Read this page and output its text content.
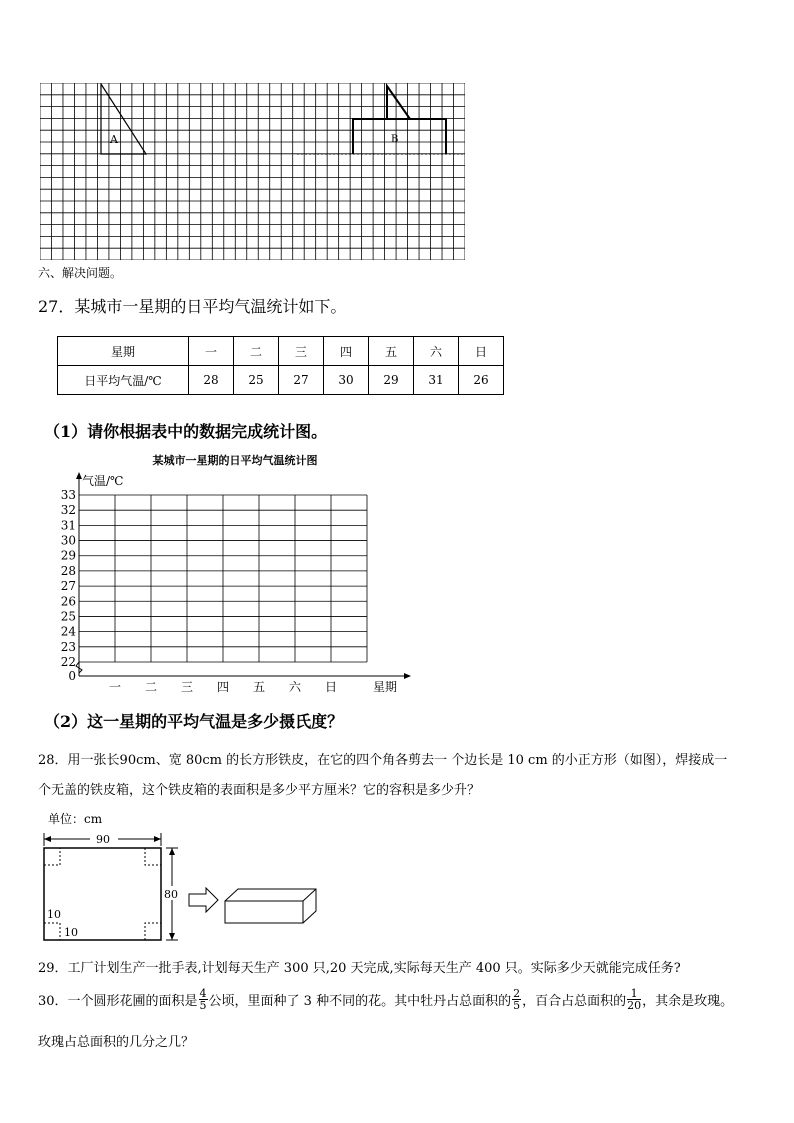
A	B
六、解决问题。
27．某城市一星期的日平均气温统计如下。
星期	一	二	三	四	五	六	日
日平均气温/℃	28	25	27	30	29	31	26
（1）请你根据表中的数据完成统计图。
0
22
23
24
25
26
27
28
29
30
31
32
33
一 二 三 四 五 六 日
某城市一星期的日平均气温统计图
气温/℃
星期
（2）这一星期的平均气温是多少摄氏度？
28．用一张长90cm、宽 80cm 的长方形铁皮，在它的四个角各剪去一 个边长是 10 cm 的小正方形（如图），焊接成一
个无盖的铁皮箱，这个铁皮箱的表面积是多少平方厘米？它的容积是多少升？
单位：cm
90
80
10
10
29．工厂计划生产一批手表,计划每天生产 300 只,20 天完成,实际每天生产 400 只。实际多少天就能完成任务?
30．一个圆形花圃的面积是 $\frac{4}{5}$ 公顷，里面种了 3 种不同的花。其中牡丹占总面积的 $\frac{2}{5}$ ，百合占总面积的 $\frac{1}{20}$ ，其余是玫瑰。
玫瑰占总面积的几分之几？
